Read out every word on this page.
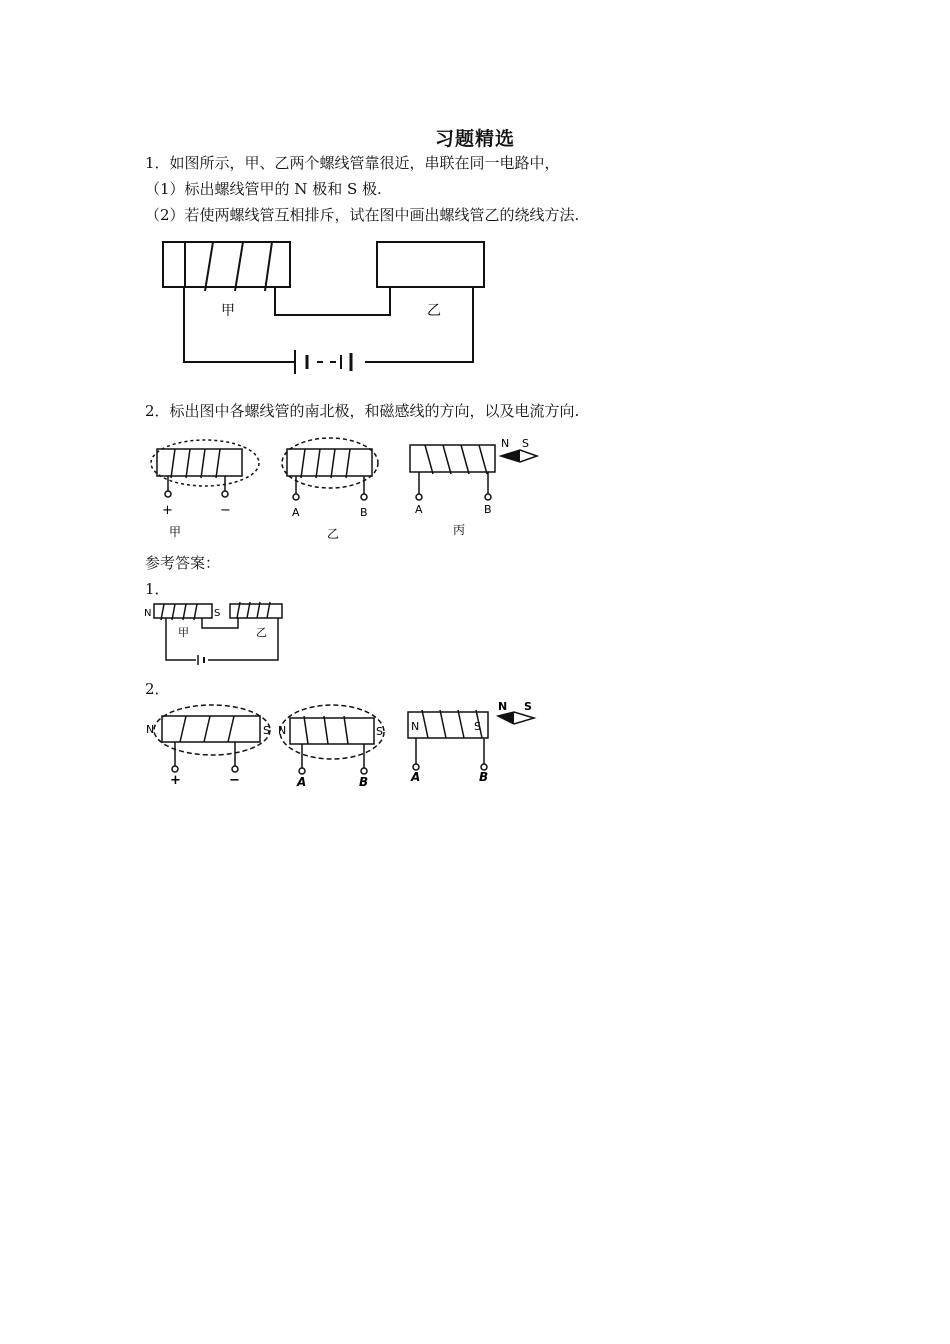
习题精选
1．如图所示，甲、乙两个螺线管靠很近，串联在同一电路中，
（1）标出螺线管甲的 N 极和 S 极.
（2）若使两螺线管互相排斥，试在图中画出螺线管乙的绕线方法.
甲	乙
2．标出图中各螺线管的南北极，和磁感线的方向，以及电流方向.
+	−	A	B	A	B
甲	乙	丙
N S
参考答案：
1．
N	S
甲	乙
2．
N	S
+	−
N	S
A	B
N	S
A	B
N S
